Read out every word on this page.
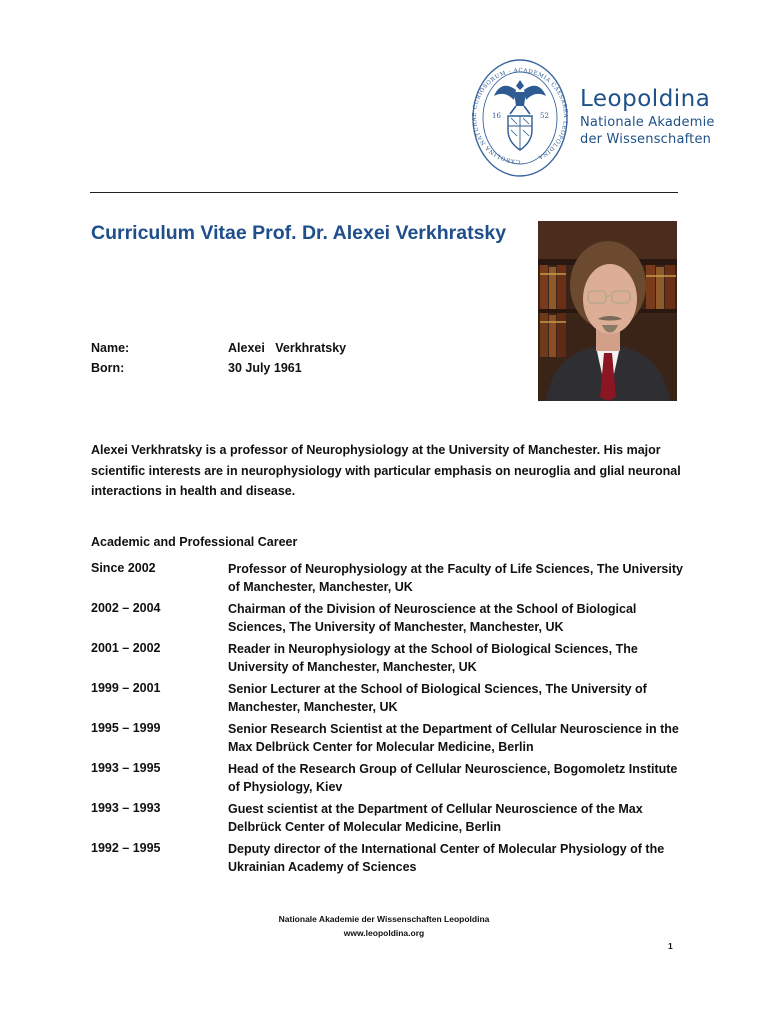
CAROLINA NATURAE CURIOSORUM · ACADEMIA CAESAREA LEOPOLDINA
16	52
Leopoldina
Nationale Akademie
der Wissenschaften
Curriculum Vitae Prof. Dr. Alexei Verkhratsky
Name:	Alexei   Verkhratsky
Born:	30 July 1961
Alexei Verkhratsky is a professor of Neurophysiology at the University of Manchester. His major scientific interests are in neurophysiology with particular emphasis on neuroglia and glial neuronal interactions in health and disease.
Academic and Professional Career
Since 2002	Professor of Neurophysiology at the Faculty of Life Sciences, The University of Manchester, Manchester, UK
2002 – 2004	Chairman of the Division of Neuroscience at the School of Biological Sciences, The University of Manchester, Manchester, UK
2001 – 2002	Reader in Neurophysiology at the School of Biological Sciences, The University of Manchester, Manchester, UK
1999 – 2001	Senior Lecturer at the School of Biological Sciences, The University of Manchester, Manchester, UK
1995 – 1999	Senior Research Scientist at the Department of Cellular Neuroscience in the Max Delbrück Center for Molecular Medicine, Berlin
1993 – 1995	Head of the Research Group of Cellular Neuroscience, Bogomoletz Institute of Physiology, Kiev
1993 – 1993	Guest scientist at the Department of Cellular Neuroscience of the Max Delbrück Center of Molecular Medicine, Berlin
1992 – 1995	Deputy director of the International Center of Molecular Physiology of the Ukrainian Academy of Sciences
Nationale Akademie der Wissenschaften Leopoldina
www.leopoldina.org
1
